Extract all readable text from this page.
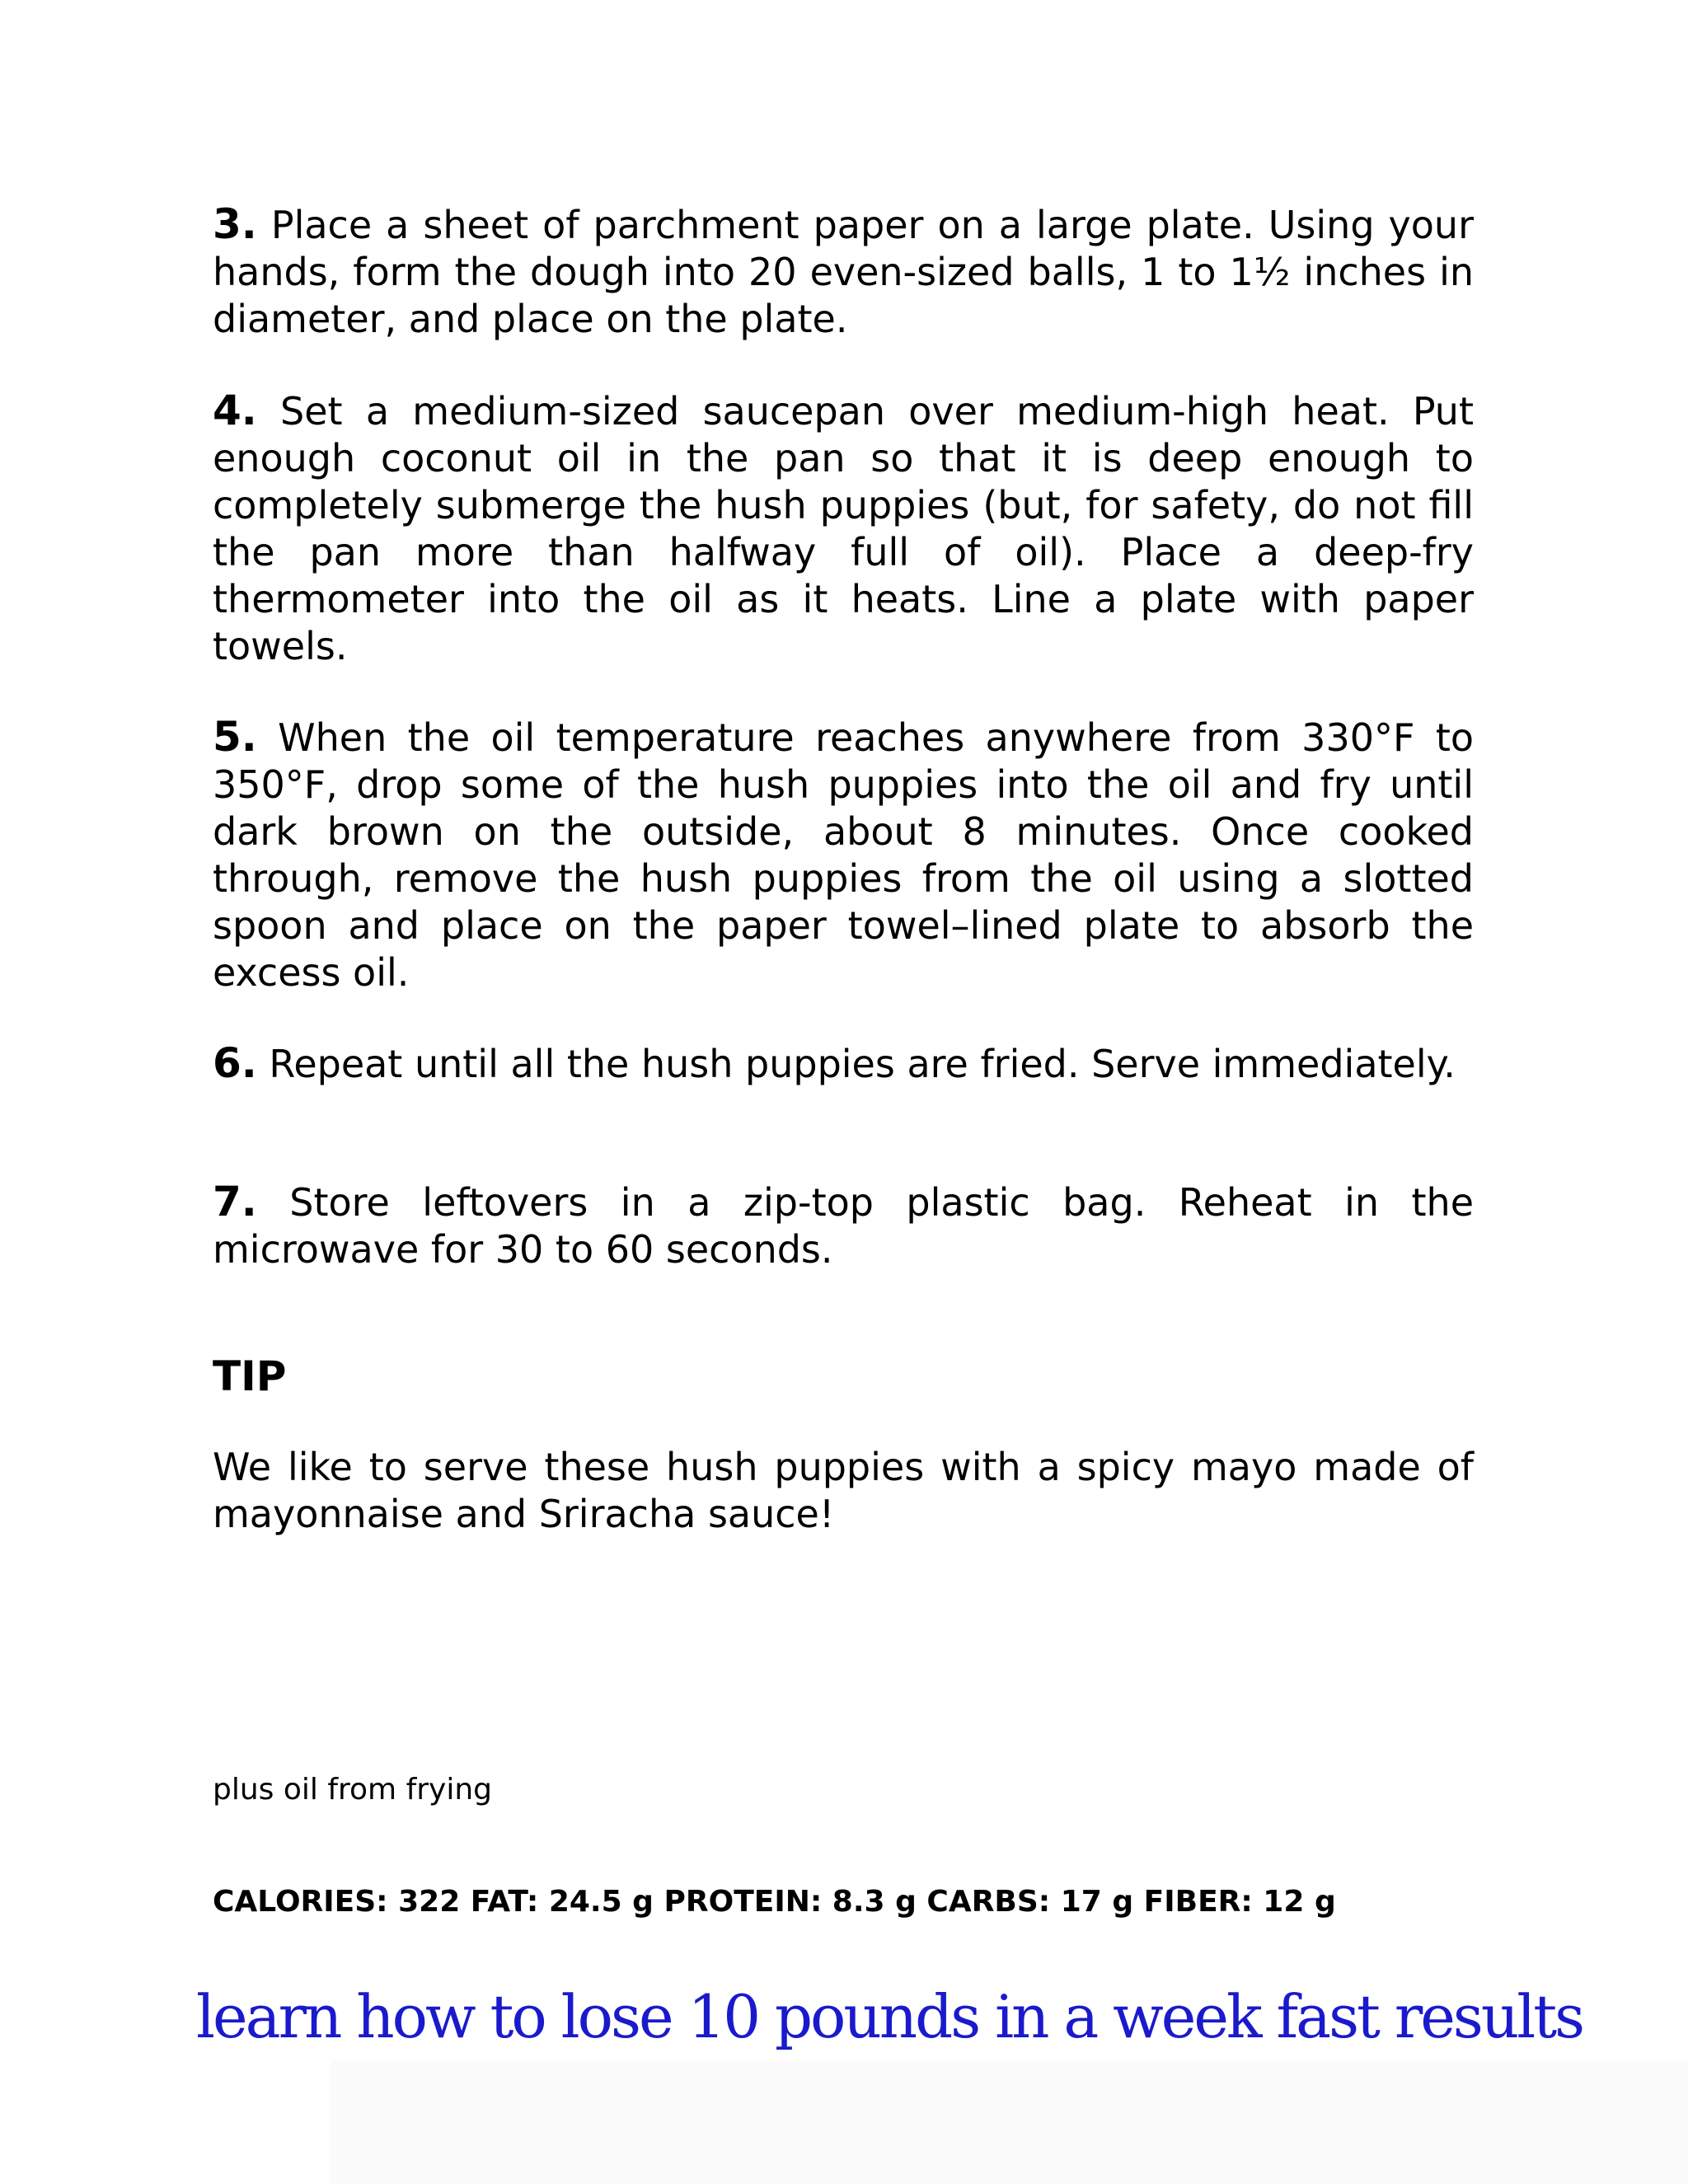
3. Place a sheet of parchment paper on a large plate. Using your hands, form the dough into 20 even-sized balls, 1 to 1½ inches in diameter, and place on the plate.

4. Set a medium-sized saucepan over medium-high heat. Put enough coconut oil in the pan so that it is deep enough to completely submerge the hush puppies (but, for safety, do not fill the pan more than halfway full of oil). Place a deep-fry thermometer into the oil as it heats. Line a plate with paper towels.

5. When the oil temperature reaches anywhere from 330°F to 350°F, drop some of the hush puppies into the oil and fry until dark brown on the outside, about 8 minutes. Once cooked through, remove the hush puppies from the oil using a slotted spoon and place on the paper towel–lined plate to absorb the excess oil.

6. Repeat until all the hush puppies are fried. Serve immediately.

7. Store leftovers in a zip-top plastic bag. Reheat in the microwave for 30 to 60 seconds.

TIP

We like to serve these hush puppies with a spicy mayo made of mayonnaise and Sriracha sauce!

plus oil from frying
CALORIES: 322 FAT: 24.5 g PROTEIN: 8.3 g CARBS: 17 g FIBER: 12 g
learn how to lose 10 pounds in a week fast results
